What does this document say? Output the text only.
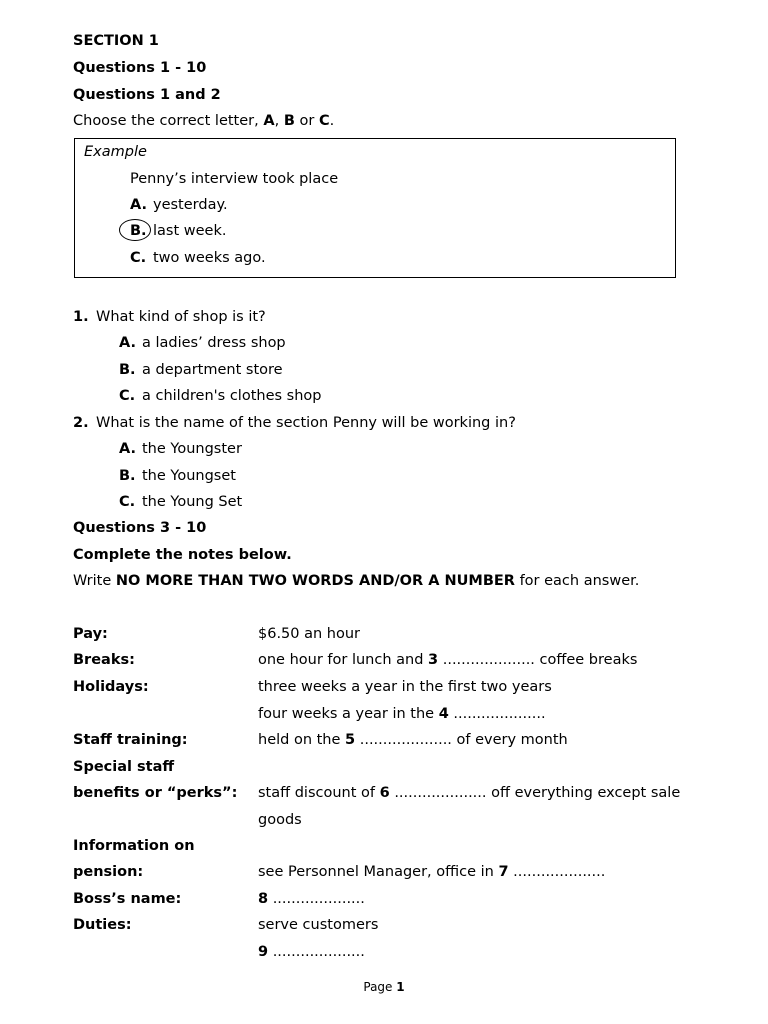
SECTION 1
Questions 1 - 10
Questions 1 and 2
Choose the correct letter, A, B or C.
Example
Penny’s interview took place
A. yesterday.
B. last week.
C. two weeks ago.
1. What kind of shop is it?
A. a ladies’ dress shop
B. a department store
C. a children's clothes shop
2. What is the name of the section Penny will be working in?
A. the Youngster
B. the Youngset
C. the Young Set
Questions 3 - 10
Complete the notes below.
Write NO MORE THAN TWO WORDS AND/OR A NUMBER for each answer.
Pay:	$6.50 an hour
Breaks:	one hour for lunch and 3 .................... coffee breaks
Holidays:	three weeks a year in the first two years
four weeks a year in the 4 ....................
Staff training:	held on the 5 .................... of every month
Special staff
benefits or “perks”: staff discount of 6 .................... off everything except sale
goods
Information on
pension:	see Personnel Manager, office in 7 ....................
Boss’s name:	8 ....................
Duties:	serve customers
9 ....................
Page 1
